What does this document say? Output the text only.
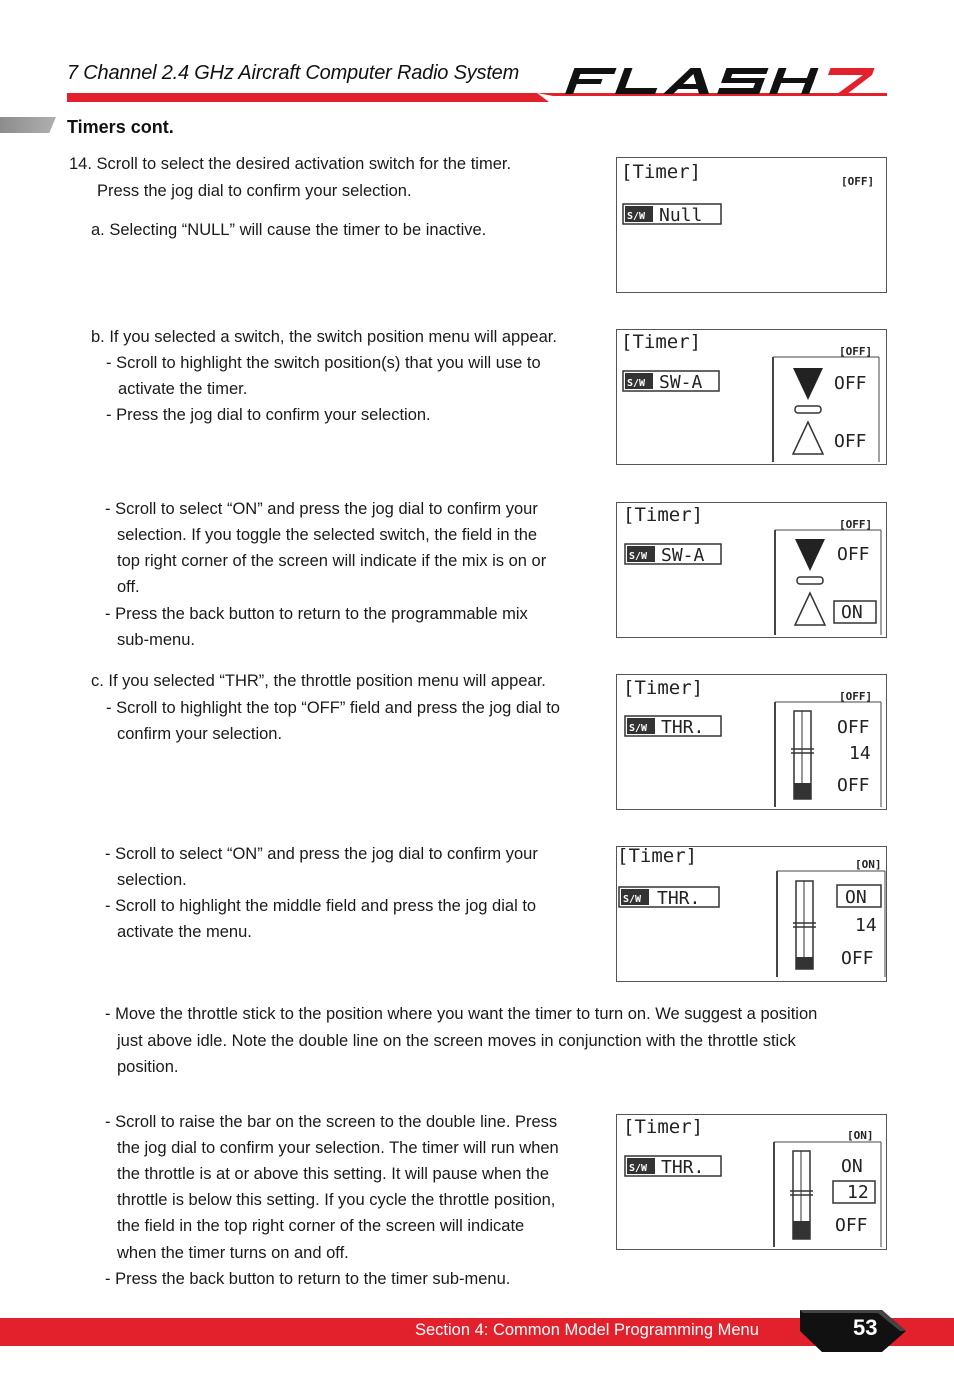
7 Channel 2.4 GHz Aircraft Computer Radio System
Timers cont.
14. Scroll to select the desired activation switch for the timer.
Press the jog dial to confirm your selection.
a. Selecting “NULL” will cause the timer to be inactive.
b. If you selected a switch, the switch position menu will appear.
- Scroll to highlight the switch position(s) that you will use to
activate the timer.
- Press the jog dial to confirm your selection.
- Scroll to select “ON” and press the jog dial to confirm your
selection. If you toggle the selected switch, the field in the
top right corner of the screen will indicate if the mix is on or
off.
- Press the back button to return to the programmable mix
sub-menu.
c. If you selected “THR”, the throttle position menu will appear.
- Scroll to highlight the top “OFF” field and press the jog dial to
confirm your selection.
- Scroll to select “ON” and press the jog dial to confirm your
selection.
- Scroll to highlight the middle field and press the jog dial to
activate the menu.
- Move the throttle stick to the position where you want the timer to turn on. We suggest a position
just above idle. Note the double line on the screen moves in conjunction with the throttle stick
position.
- Scroll to raise the bar on the screen to the double line. Press
the jog dial to confirm your selection. The timer will run when
the throttle is at or above this setting. It will pause when the
throttle is below this setting. If you cycle the throttle position,
the field in the top right corner of the screen will indicate
when the timer turns on and off.
- Press the back button to return to the timer sub-menu.
[Timer]	[OFF]
S/W Null
[Timer]	[OFF]
S/W SW-A	OFF
OFF
[Timer]	[OFF]
S/W SW-A	OFF
ON
[Timer]	[OFF]
S/W THR.	OFF
14
OFF
[Timer]	[ON]
S/W THR.	ON
14
OFF
[Timer]	[ON]
S/W THR.	ON
12
OFF
Section 4: Common Model Programming Menu	53
